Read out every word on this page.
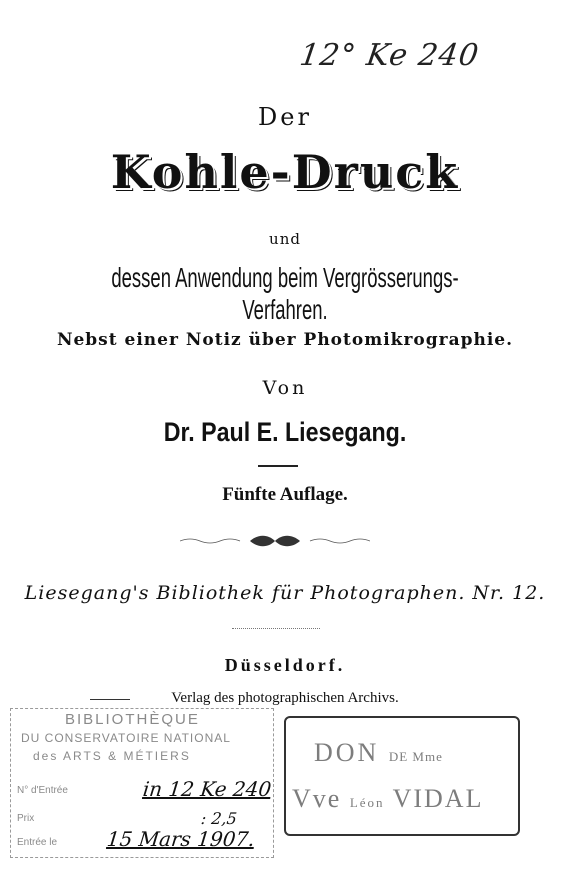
12° Ke 240
Der
Kohle-Druck
und
dessen Anwendung beim Vergrösserungs-Verfahren.
Nebst einer Notiz über Photomikrographie.
Von
Dr. Paul E. Liesegang.
Fünfte Auflage.
Liesegang's Bibliothek für Photographen. Nr. 12.
Düsseldorf.
Verlag des photographischen Archivs.
BIBLIOTHÈQUE
DU CONSERVATOIRE NATIONAL
des ARTS & MÉTIERS
N° d'Entrée	in 12 Ke 240
Prix	: 2,5
Entrée le 15 Mars 1907.
DON DE Mme
Vve Léon VIDAL
